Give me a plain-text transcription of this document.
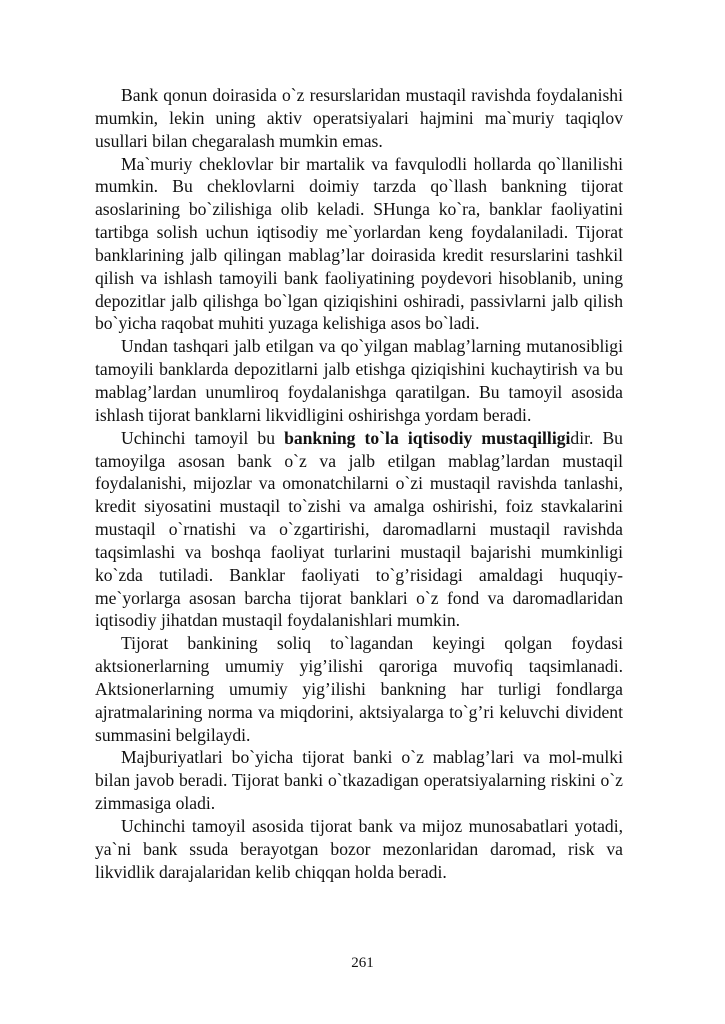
Bank qonun doirasida o`z resurslaridan mustaqil ravishda foydalanishi mumkin, lekin uning aktiv operatsiyalari hajmini ma`muriy taqiqlov usullari bilan chegaralash mumkin emas.

Ma`muriy cheklovlar bir martalik va favqulodli hollarda qo`llanilishi mumkin. Bu cheklovlarni doimiy tarzda qo`llash bankning tijorat asoslarining bo`zilishiga olib keladi. SHunga ko`ra, banklar faoliyatini tartibga solish uchun iqtisodiy me`yorlardan keng foydalaniladi. Tijorat banklarining jalb qilingan mablag’lar doirasida kredit resurslarini tashkil qilish va ishlash tamoyili bank faoliyatining poydevori hisoblanib, uning depozitlar jalb qilishga bo`lgan qiziqishini oshiradi, passivlarni jalb qilish bo`yicha raqobat muhiti yuzaga kelishiga asos bo`ladi.

Undan tashqari jalb etilgan va qo`yilgan mablag’larning mutanosibligi tamoyili banklarda depozitlarni jalb etishga qiziqishini kuchaytirish va bu mablag’lardan unumliroq foydalanishga qaratilgan. Bu tamoyil asosida ishlash tijorat banklarni likvidligini oshirishga yordam beradi.

Uchinchi tamoyil bu bankning to`la iqtisodiy mustaqilligidir. Bu tamoyilga asosan bank o`z va jalb etilgan mablag’lardan mustaqil foydalanishi, mijozlar va omonatchilarni o`zi mustaqil ravishda tanlashi, kredit siyosatini mustaqil to`zishi va amalga oshirishi, foiz stavkalarini mustaqil o`rnatishi va o`zgartirishi, daromadlarni mustaqil ravishda taqsimlashi va boshqa faoliyat turlarini mustaqil bajarishi mumkinligi ko`zda tutiladi. Banklar faoliyati to`g’risidagi amaldagi huquqiy-me`yorlarga asosan barcha tijorat banklari o`z fond va daromadlaridan iqtisodiy jihatdan mustaqil foydalanishlari mumkin.

Tijorat bankining soliq to`lagandan keyingi qolgan foydasi aktsionerlarning umumiy yig’ilishi qaroriga muvofiq taqsimlanadi. Aktsionerlarning umumiy yig’ilishi bankning har turligi fondlarga ajratmalarining norma va miqdorini, aktsiyalarga to`g’ri keluvchi divident summasini belgilaydi.

Majburiyatlari bo`yicha tijorat banki o`z mablag’lari va mol-mulki bilan javob beradi. Tijorat banki o`tkazadigan operatsiyalarning riskini o`z zimmasiga oladi.

Uchinchi tamoyil asosida tijorat bank va mijoz munosabatlari yotadi, ya`ni bank ssuda berayotgan bozor mezonlaridan daromad, risk va likvidlik darajalaridan kelib chiqqan holda beradi.

261
